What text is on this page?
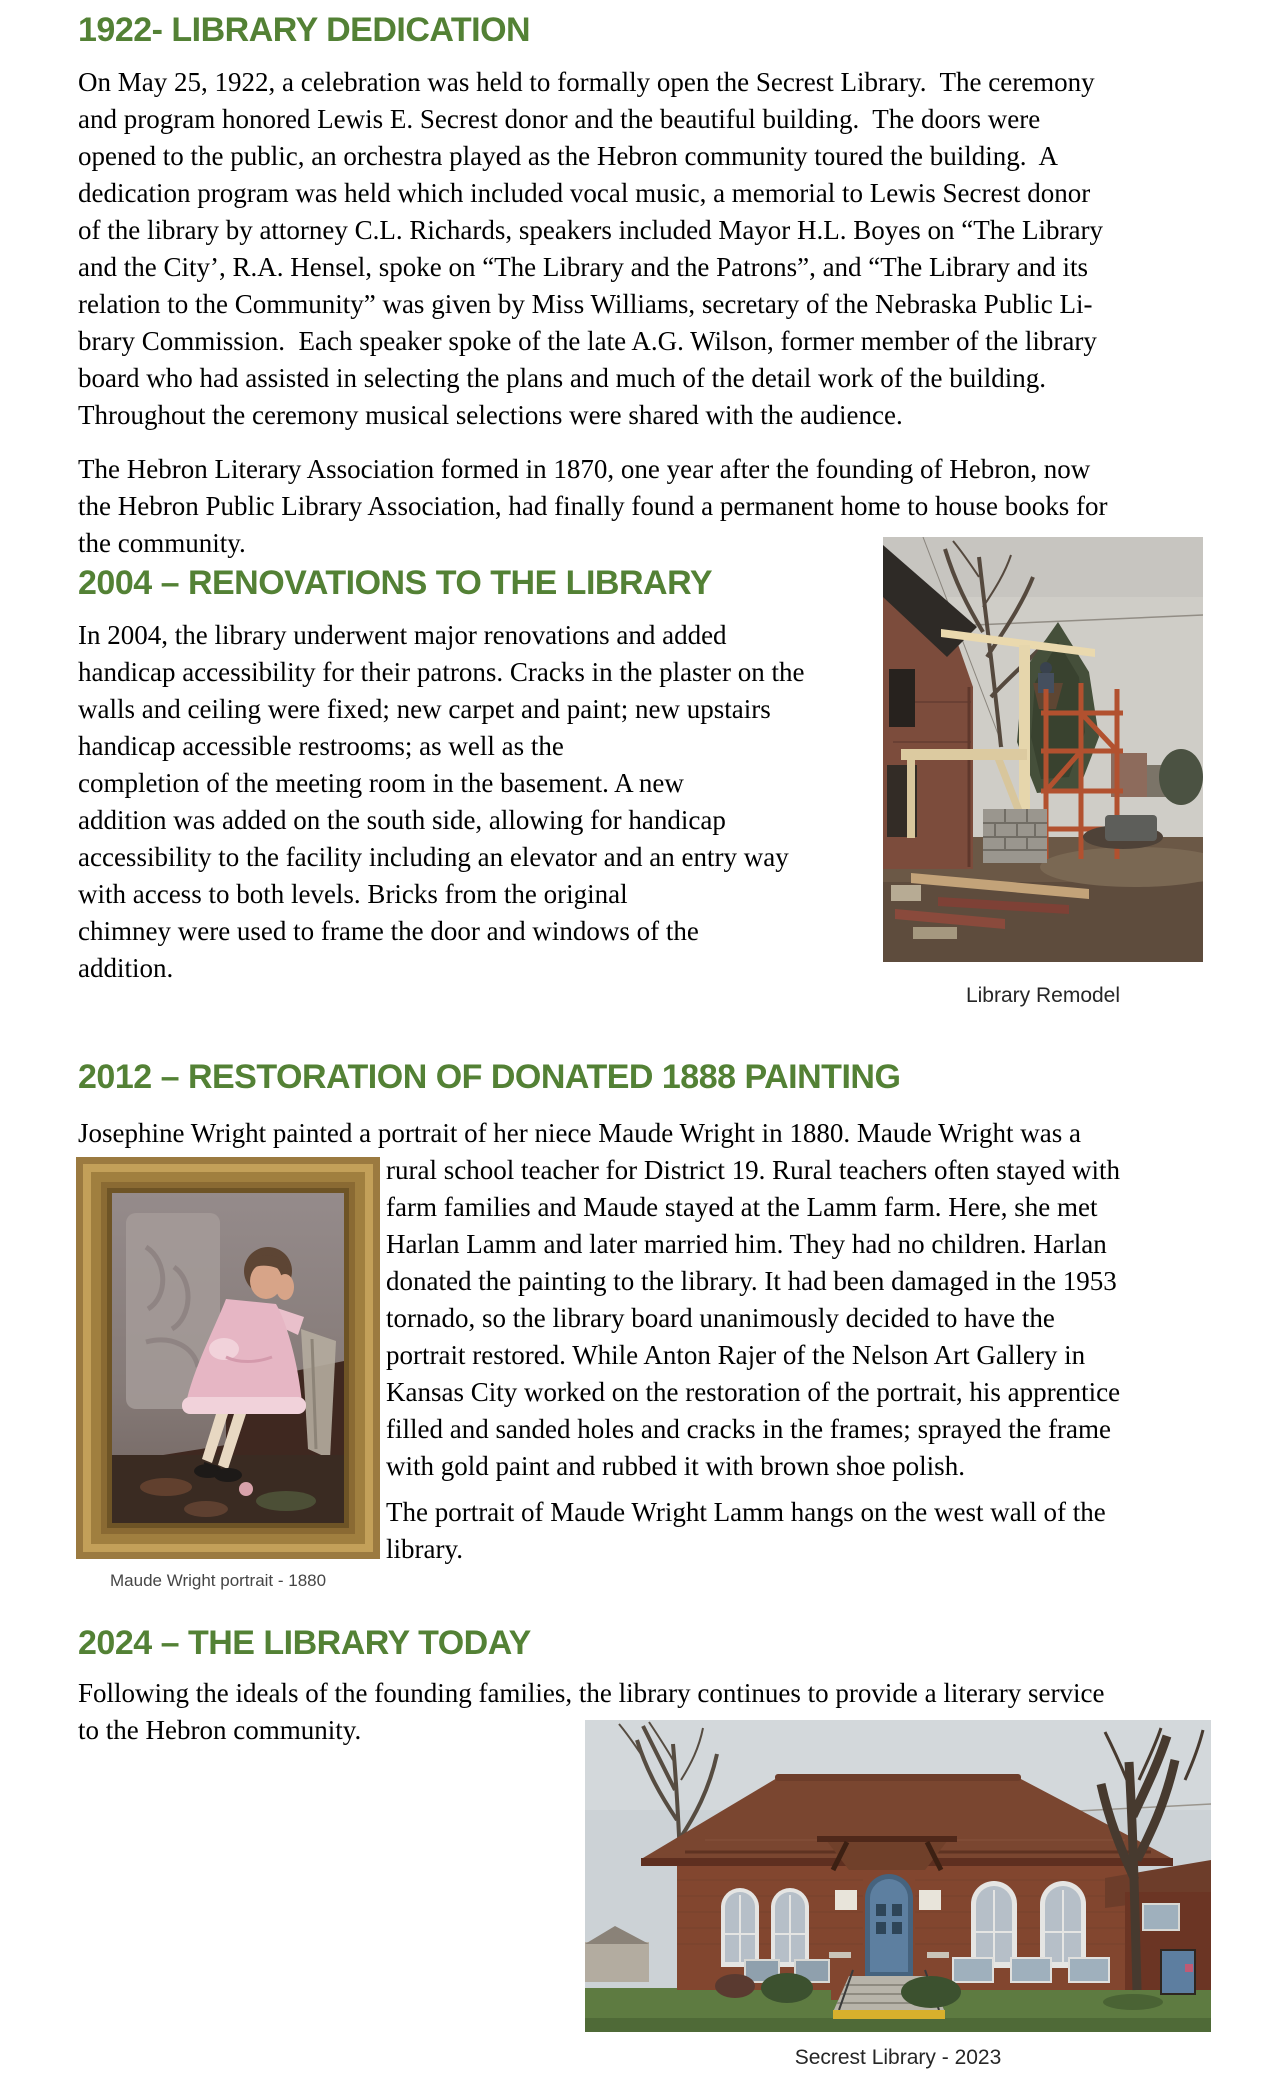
1922- LIBRARY DEDICATION
On May 25, 1922, a celebration was held to formally open the Secrest Library.  The ceremony
and program honored Lewis E. Secrest donor and the beautiful building.  The doors were
opened to the public, an orchestra played as the Hebron community toured the building.  A
dedication program was held which included vocal music, a memorial to Lewis Secrest donor
of the library by attorney C.L. Richards, speakers included Mayor H.L. Boyes on “The Library
and the City’, R.A. Hensel, spoke on “The Library and the Patrons”, and “The Library and its
relation to the Community” was given by Miss Williams, secretary of the Nebraska Public Li-
brary Commission.  Each speaker spoke of the late A.G. Wilson, former member of the library
board who had assisted in selecting the plans and much of the detail work of the building.
Throughout the ceremony musical selections were shared with the audience.
The Hebron Literary Association formed in 1870, one year after the founding of Hebron, now
the Hebron Public Library Association, had finally found a permanent home to house books for
the community.
2004 – RENOVATIONS TO THE LIBRARY
In 2004, the library underwent major renovations and added
handicap accessibility for their patrons. Cracks in the plaster on the
walls and ceiling were fixed; new carpet and paint; new upstairs
handicap accessible restrooms; as well as the
completion of the meeting room in the basement. A new
addition was added on the south side, allowing for handicap
accessibility to the facility including an elevator and an entry way
with access to both levels. Bricks from the original
chimney were used to frame the door and windows of the
addition.
Library Remodel
2012 – RESTORATION OF DONATED 1888 PAINTING
Josephine Wright painted a portrait of her niece Maude Wright in 1880. Maude Wright was a
rural school teacher for District 19. Rural teachers often stayed with
farm families and Maude stayed at the Lamm farm. Here, she met
Harlan Lamm and later married him. They had no children. Harlan
donated the painting to the library. It had been damaged in the 1953
tornado, so the library board unanimously decided to have the
portrait restored. While Anton Rajer of the Nelson Art Gallery in
Kansas City worked on the restoration of the portrait, his apprentice
filled and sanded holes and cracks in the frames; sprayed the frame
with gold paint and rubbed it with brown shoe polish.
Maude Wright portrait - 1880
The portrait of Maude Wright Lamm hangs on the west wall of the
library.
2024 – THE LIBRARY TODAY
Following the ideals of the founding families, the library continues to provide a literary service
to the Hebron community.
Secrest Library - 2023
